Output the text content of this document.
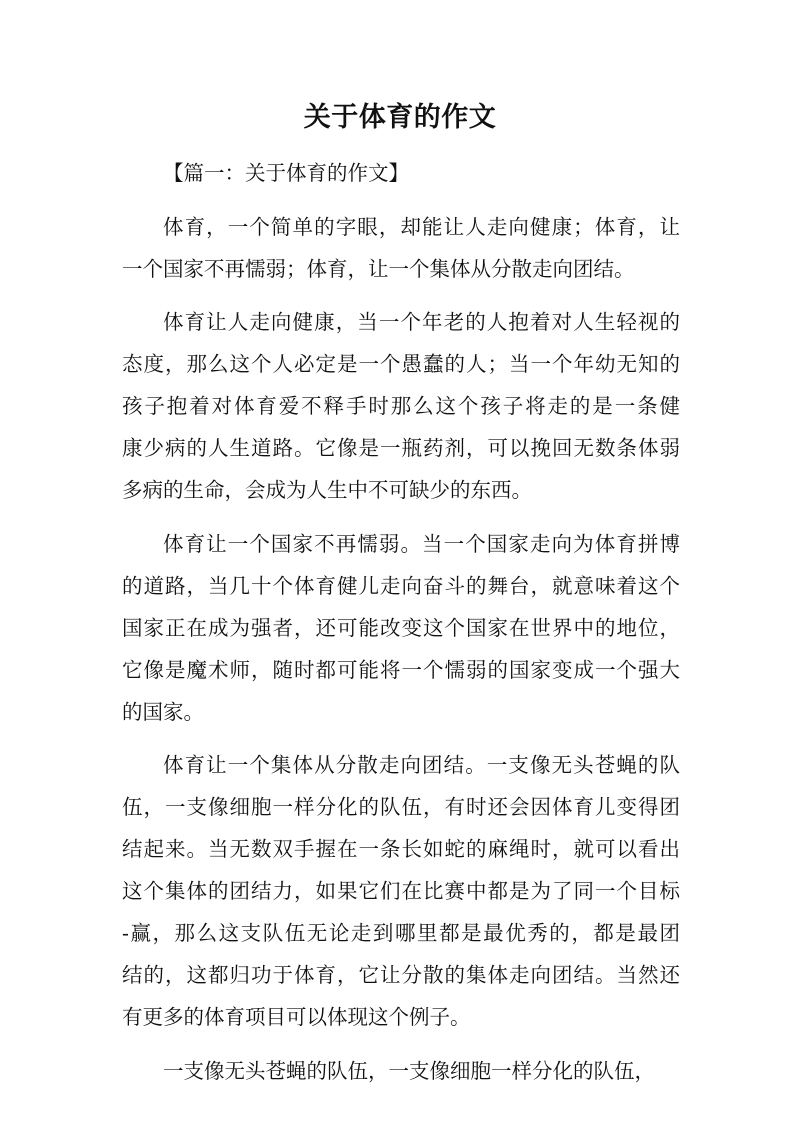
关于体育的作文
【篇一：关于体育的作文】
体育，一个简单的字眼，却能让人走向健康；体育，让
一个国家不再懦弱；体育，让一个集体从分散走向团结。
体育让人走向健康，当一个年老的人抱着对人生轻视的
态度，那么这个人必定是一个愚蠢的人；当一个年幼无知的
孩子抱着对体育爱不释手时那么这个孩子将走的是一条健
康少病的人生道路。它像是一瓶药剂，可以挽回无数条体弱
多病的生命，会成为人生中不可缺少的东西。
体育让一个国家不再懦弱。当一个国家走向为体育拼博
的道路，当几十个体育健儿走向奋斗的舞台，就意味着这个
国家正在成为强者，还可能改变这个国家在世界中的地位，
它像是魔术师，随时都可能将一个懦弱的国家变成一个强大
的国家。
体育让一个集体从分散走向团结。一支像无头苍蝇的队
伍，一支像细胞一样分化的队伍，有时还会因体育儿变得团
结起来。当无数双手握在一条长如蛇的麻绳时，就可以看出
这个集体的团结力，如果它们在比赛中都是为了同一个目标
-赢，那么这支队伍无论走到哪里都是最优秀的，都是最团
结的，这都归功于体育，它让分散的集体走向团结。当然还
有更多的体育项目可以体现这个例子。
一支像无头苍蝇的队伍，一支像细胞一样分化的队伍，
